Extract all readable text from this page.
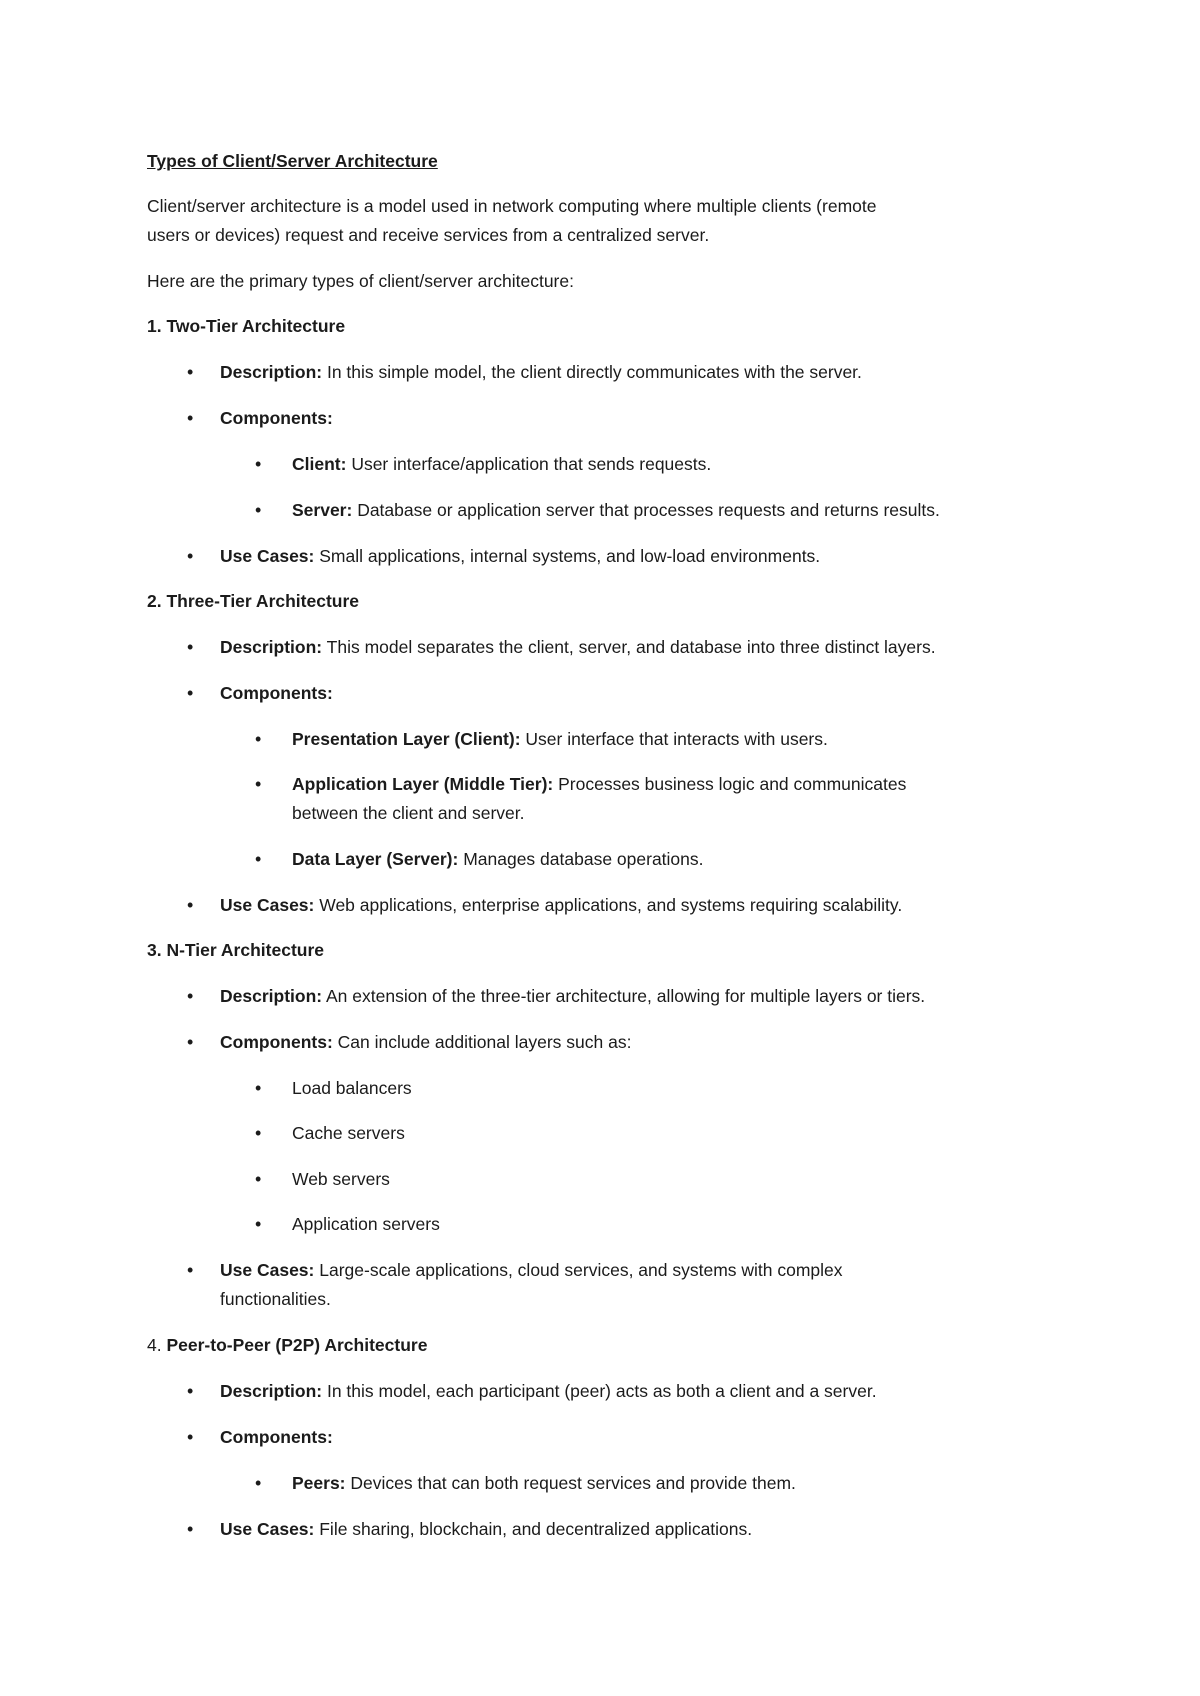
Types of Client/Server Architecture
Client/server architecture is a model used in network computing where multiple clients (remote
users or devices) request and receive services from a centralized server.
Here are the primary types of client/server architecture:
1. Two-Tier Architecture
• Description: In this simple model, the client directly communicates with the server.
• Components:
• Client: User interface/application that sends requests.
• Server: Database or application server that processes requests and returns results.
• Use Cases: Small applications, internal systems, and low-load environments.
2. Three-Tier Architecture
• Description: This model separates the client, server, and database into three distinct layers.
• Components:
• Presentation Layer (Client): User interface that interacts with users.
• Application Layer (Middle Tier): Processes business logic and communicates
between the client and server.
• Data Layer (Server): Manages database operations.
• Use Cases: Web applications, enterprise applications, and systems requiring scalability.
3. N-Tier Architecture
• Description: An extension of the three-tier architecture, allowing for multiple layers or tiers.
• Components: Can include additional layers such as:
• Load balancers
• Cache servers
• Web servers
• Application servers
• Use Cases: Large-scale applications, cloud services, and systems with complex
functionalities.
4. Peer-to-Peer (P2P) Architecture
• Description: In this model, each participant (peer) acts as both a client and a server.
• Components:
• Peers: Devices that can both request services and provide them.
• Use Cases: File sharing, blockchain, and decentralized applications.
